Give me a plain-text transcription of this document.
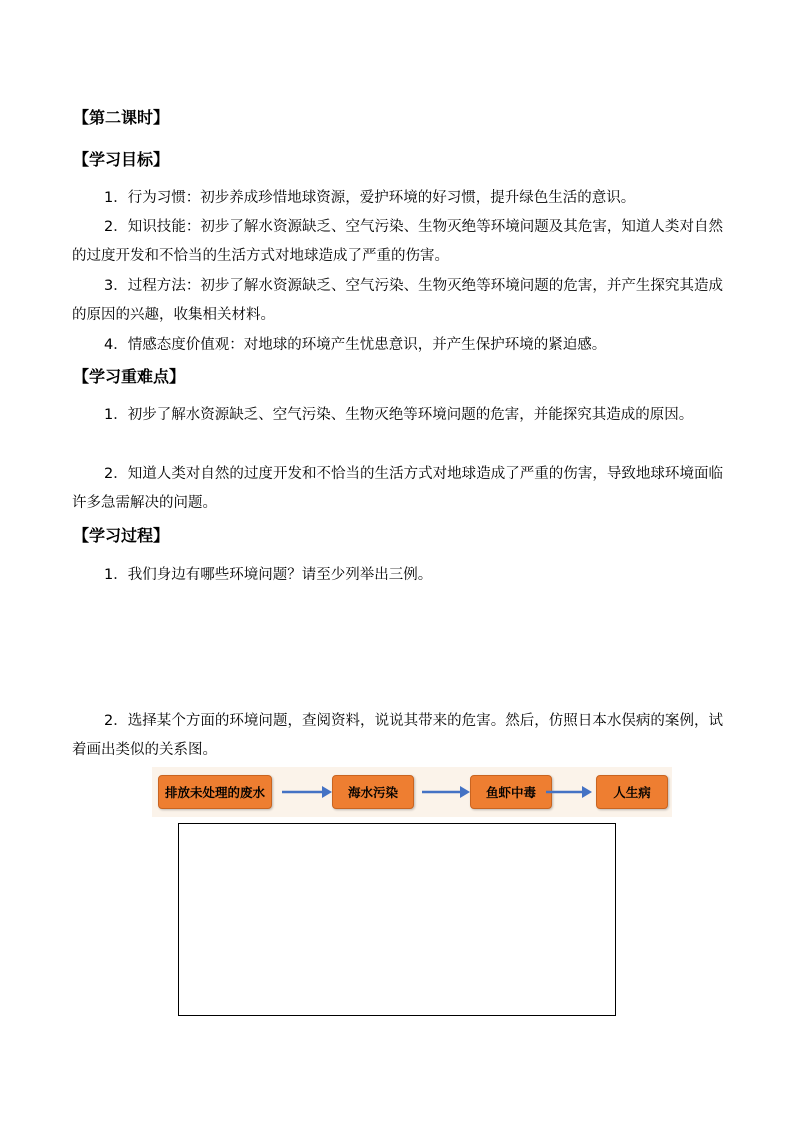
【第二课时】
【学习目标】
1．行为习惯：初步养成珍惜地球资源，爱护环境的好习惯，提升绿色生活的意识。
2．知识技能：初步了解水资源缺乏、空气污染、生物灭绝等环境问题及其危害，知道人类对自然的过度开发和不恰当的生活方式对地球造成了严重的伤害。
3．过程方法：初步了解水资源缺乏、空气污染、生物灭绝等环境问题的危害，并产生探究其造成的原因的兴趣，收集相关材料。
4．情感态度价值观：对地球的环境产生忧患意识，并产生保护环境的紧迫感。
【学习重难点】
1．初步了解水资源缺乏、空气污染、生物灭绝等环境问题的危害，并能探究其造成的原因。
2．知道人类对自然的过度开发和不恰当的生活方式对地球造成了严重的伤害，导致地球环境面临许多急需解决的问题。
【学习过程】
1．我们身边有哪些环境问题？请至少列举出三例。
2．选择某个方面的环境问题，查阅资料，说说其带来的危害。然后，仿照日本水俣病的案例，试着画出类似的关系图。
排放未处理的废水	海水污染	鱼虾中毒	人生病
